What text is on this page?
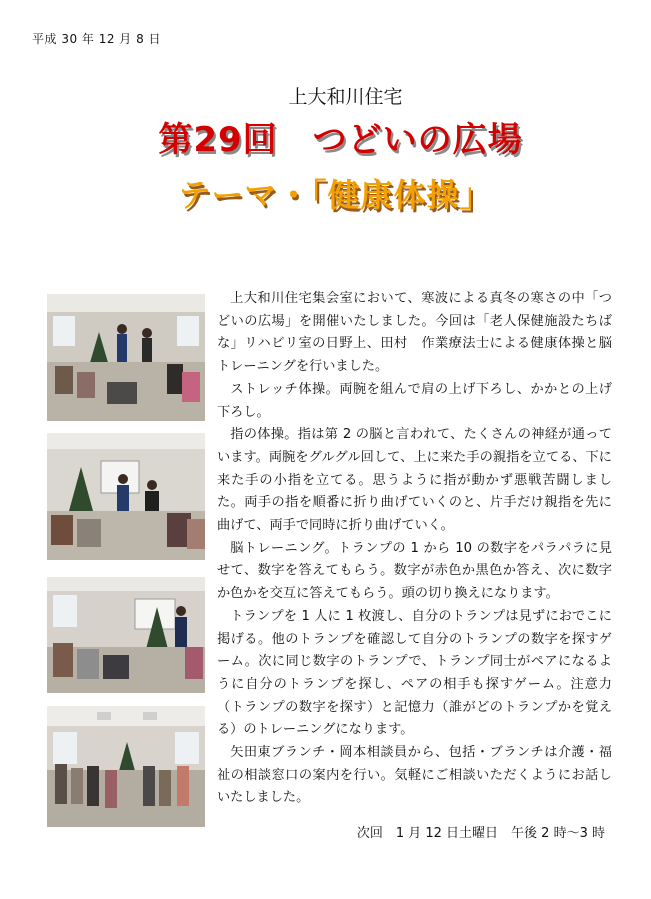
平成 30 年 12 月 8 日
上大和川住宅
第29回　つどいの広場
テーマ・「健康体操」

上大和川住宅集会室において、寒波による真冬の寒さの中「つどいの広場」を開催いたしました。今回は「老人保健施設たちばな」リハビリ室の日野上、田村　作業療法士による健康体操と脳トレーニングを行いました。

ストレッチ体操。両腕を組んで肩の上げ下ろし、かかとの上げ下ろし。

指の体操。指は第 2 の脳と言われて、たくさんの神経が通っています。両腕をグルグル回して、上に来た手の親指を立てる、下に来た手の小指を立てる。思うように指が動かず悪戦苦闘しました。両手の指を順番に折り曲げていくのと、片手だけ親指を先に曲げて、両手で同時に折り曲げていく。

脳トレーニング。トランプの 1 から 10 の数字をパラパラに見せて、数字を答えてもらう。数字が赤色か黒色か答え、次に数字か色かを交互に答えてもらう。頭の切り換えになります。

トランプを 1 人に 1 枚渡し、自分のトランプは見ずにおでこに掲げる。他のトランプを確認して自分のトランプの数字を探すゲーム。次に同じ数字のトランプで、トランプ同士がペアになるように自分のトランプを探し、ペアの相手も探すゲーム。注意力（トランプの数字を探す）と記憶力（誰がどのトランプかを覚える）のトレーニングになります。

矢田東ブランチ・岡本相談員から、包括・ブランチは介護・福祉の相談窓口の案内を行い。気軽にご相談いただくようにお話しいたしました。

次回　1 月 12 日土曜日　午後 2 時～3 時
